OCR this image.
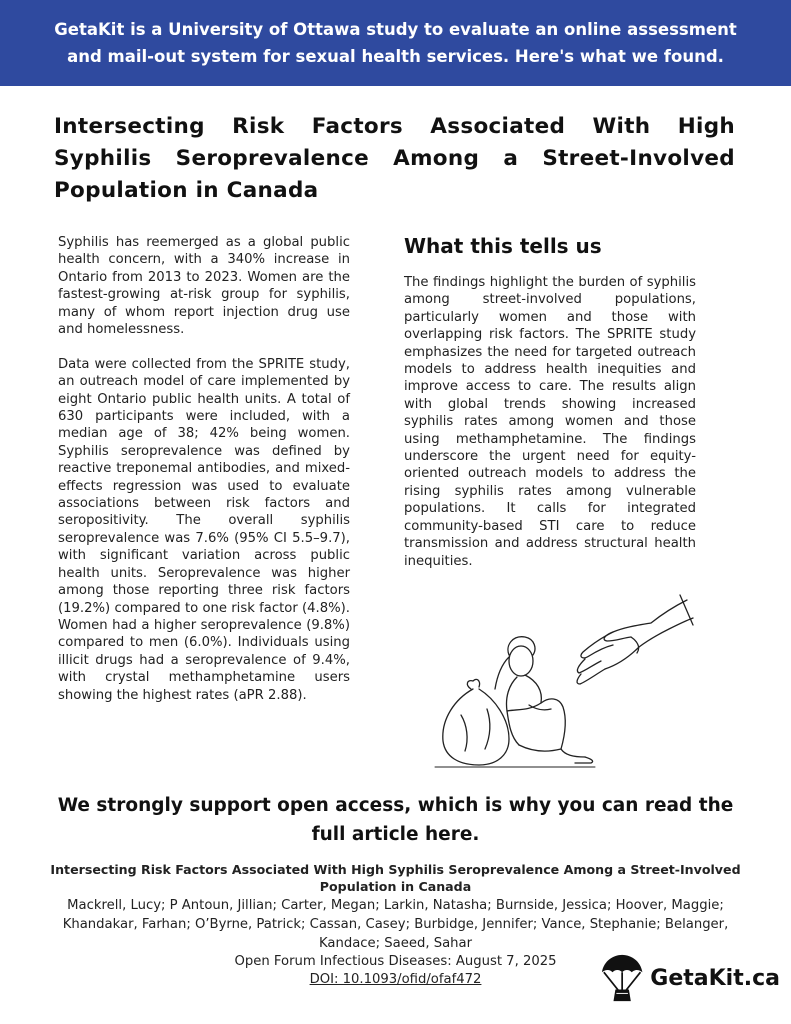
GetaKit is a University of Ottawa study to evaluate an online assessment and mail-out system for sexual health services. Here's what we found.
Intersecting Risk Factors Associated With High Syphilis Seroprevalence Among a Street-Involved Population in Canada

Syphilis has reemerged as a global public health concern, with a 340% increase in Ontario from 2013 to 2023. Women are the fastest-growing at-risk group for syphilis, many of whom report injection drug use and homelessness.

Data were collected from the SPRITE study, an outreach model of care implemented by eight Ontario public health units. A total of 630 participants were included, with a median age of 38; 42% being women. Syphilis seroprevalence was defined by reactive treponemal antibodies, and mixed-effects regression was used to evaluate associations between risk factors and seropositivity. The overall syphilis seroprevalence was 7.6% (95% CI 5.5–9.7), with significant variation across public health units. Seroprevalence was higher among those reporting three risk factors (19.2%) compared to one risk factor (4.8%). Women had a higher seroprevalence (9.8%) compared to men (6.0%). Individuals using illicit drugs had a seroprevalence of 9.4%, with crystal methamphetamine users showing the highest rates (aPR 2.88).

What this tells us

The findings highlight the burden of syphilis among street-involved populations, particularly women and those with overlapping risk factors. The SPRITE study emphasizes the need for targeted outreach models to address health inequities and improve access to care. The results align with global trends showing increased syphilis rates among women and those using methamphetamine. The findings underscore the urgent need for equity-oriented outreach models to address the rising syphilis rates among vulnerable populations. It calls for integrated community-based STI care to reduce transmission and address structural health inequities.

We strongly support open access, which is why you can read the full article here.
Intersecting Risk Factors Associated With High Syphilis Seroprevalence Among a Street-Involved Population in Canada
Mackrell, Lucy; P Antoun, Jillian; Carter, Megan; Larkin, Natasha; Burnside, Jessica; Hoover, Maggie; Khandakar, Farhan; O’Byrne, Patrick; Cassan, Casey; Burbidge, Jennifer; Vance, Stephanie; Belanger, Kandace; Saeed, Sahar
Open Forum Infectious Diseases: August 7, 2025
DOI: 10.1093/ofid/ofaf472	GetaKit.ca
